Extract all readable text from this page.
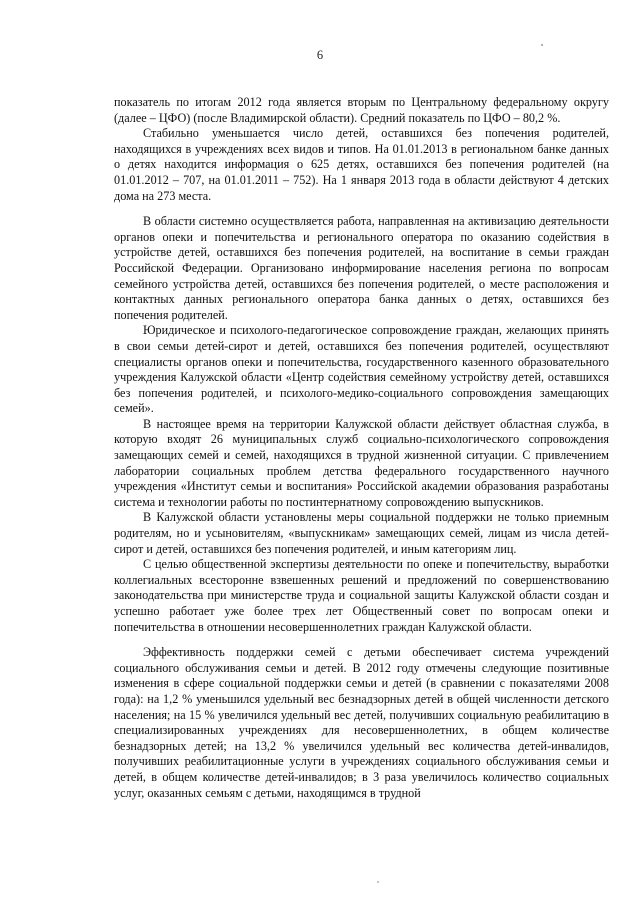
6

показатель по итогам 2012 года является вторым по Центральному федеральному округу (далее – ЦФО) (после Владимирской области). Средний показатель по ЦФО – 80,2 %.

Стабильно уменьшается число детей, оставшихся без попечения родителей, находящихся в учреждениях всех видов и типов. На 01.01.2013 в региональном банке данных о детях находится информация о 625 детях, оставшихся без попечения родителей (на 01.01.2012 – 707, на 01.01.2011 – 752). На 1 января 2013 года в области действуют 4 детских дома на 273 места.

В области системно осуществляется работа, направленная на активизацию деятельности органов опеки и попечительства и регионального оператора по оказанию содействия в устройстве детей, оставшихся без попечения родителей, на воспитание в семьи граждан Российской Федерации. Организовано информирование населения региона по вопросам семейного устройства детей, оставшихся без попечения родителей, о месте расположения и контактных данных регионального оператора банка данных о детях, оставшихся без попечения родителей.

Юридическое и психолого-педагогическое сопровождение граждан, желающих принять в свои семьи детей-сирот и детей, оставшихся без попечения родителей, осуществляют специалисты органов опеки и попечительства, государственного казенного образовательного учреждения Калужской области «Центр содействия семейному устройству детей, оставшихся без попечения родителей, и психолого-медико-социального сопровождения замещающих семей».

В настоящее время на территории Калужской области действует областная служба, в которую входят 26 муниципальных служб социально-психологического сопровождения замещающих семей и семей, находящихся в трудной жизненной ситуации. С привлечением лаборатории социальных проблем детства федерального государственного научного учреждения «Институт семьи и воспитания» Российской академии образования разработаны система и технологии работы по постинтернатному сопровождению выпускников.

В Калужской области установлены меры социальной поддержки не только приемным родителям, но и усыновителям, «выпускникам» замещающих семей, лицам из числа детей-сирот и детей, оставшихся без попечения родителей, и иным категориям лиц.

С целью общественной экспертизы деятельности по опеке и попечительству, выработки коллегиальных всесторонне взвешенных решений и предложений по совершенствованию законодательства при министерстве труда и социальной защиты Калужской области создан и успешно работает уже более трех лет Общественный совет по вопросам опеки и попечительства в отношении несовершеннолетних граждан Калужской области.

Эффективность поддержки семей с детьми обеспечивает система учреждений социального обслуживания семьи и детей. В 2012 году отмечены следующие позитивные изменения в сфере социальной поддержки семьи и детей (в сравнении с показателями 2008 года): на 1,2 % уменьшился удельный вес безнадзорных детей в общей численности детского населения; на 15 % увеличился удельный вес детей, получивших социальную реабилитацию в специализированных учреждениях для несовершеннолетних, в общем количестве безнадзорных детей; на 13,2 % увеличился удельный вес количества детей-инвалидов, получивших реабилитационные услуги в учреждениях социального обслуживания семьи и детей, в общем количестве детей-инвалидов; в 3 раза увеличилось количество социальных услуг, оказанных семьям с детьми, находящимся в трудной
